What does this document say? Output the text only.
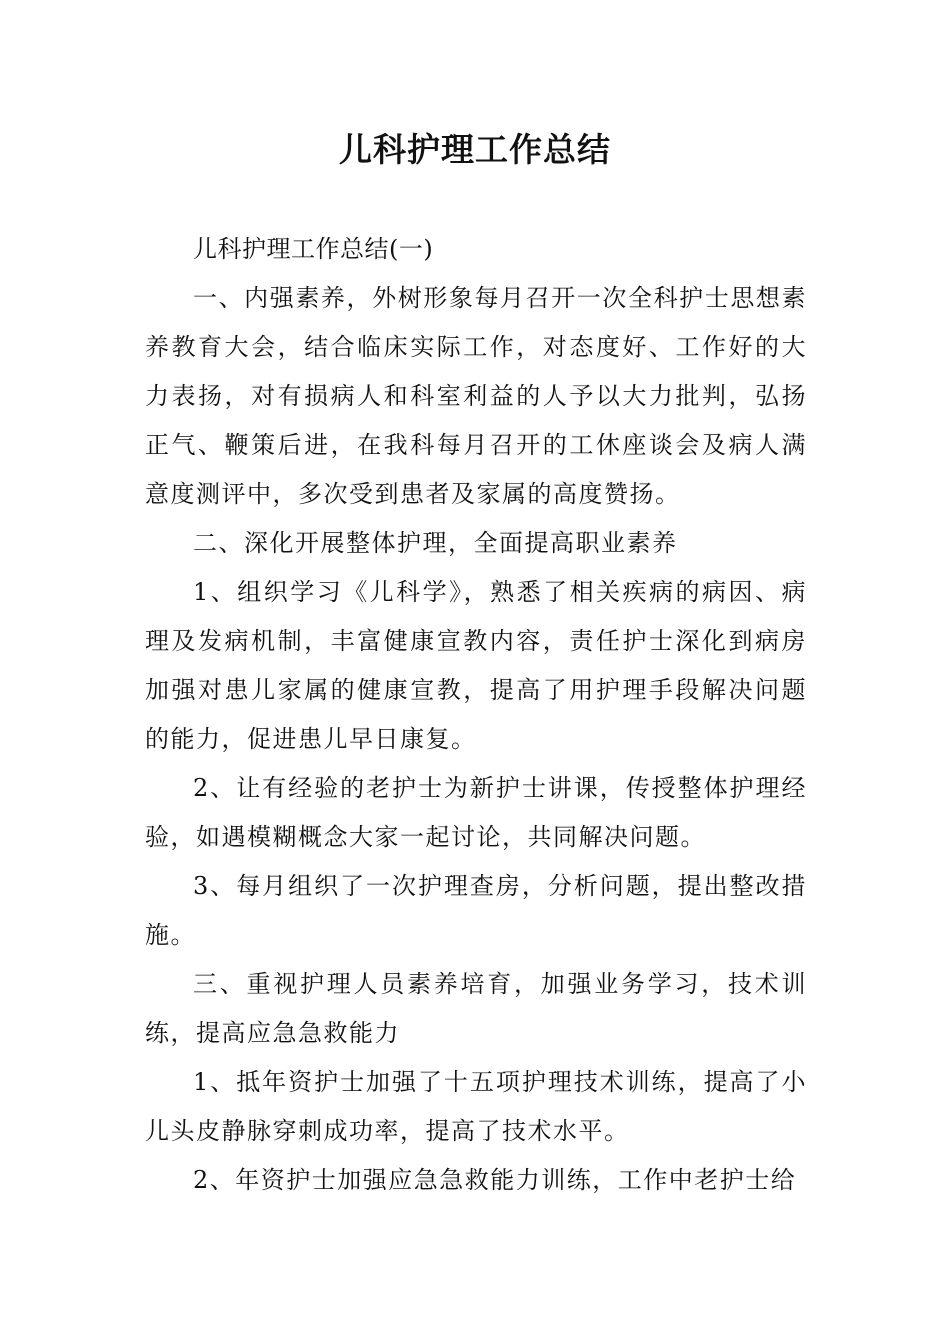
儿科护理工作总结

儿科护理工作总结(一)

一、内强素养，外树形象每月召开一次全科护士思想素养教育大会，结合临床实际工作，对态度好、工作好的大力表扬，对有损病人和科室利益的人予以大力批判，弘扬正气、鞭策后进，在我科每月召开的工休座谈会及病人满意度测评中，多次受到患者及家属的高度赞扬。

二、深化开展整体护理，全面提高职业素养

1、组织学习《儿科学》，熟悉了相关疾病的病因、病理及发病机制，丰富健康宣教内容，责任护士深化到病房加强对患儿家属的健康宣教，提高了用护理手段解决问题的能力，促进患儿早日康复。

2、让有经验的老护士为新护士讲课，传授整体护理经验，如遇模糊概念大家一起讨论，共同解决问题。

3、每月组织了一次护理查房，分析问题，提出整改措施。

三、重视护理人员素养培育，加强业务学习，技术训练，提高应急急救能力

1、抵年资护士加强了十五项护理技术训练，提高了小儿头皮静脉穿刺成功率，提高了技术水平。

2、年资护士加强应急急救能力训练，工作中老护士给
